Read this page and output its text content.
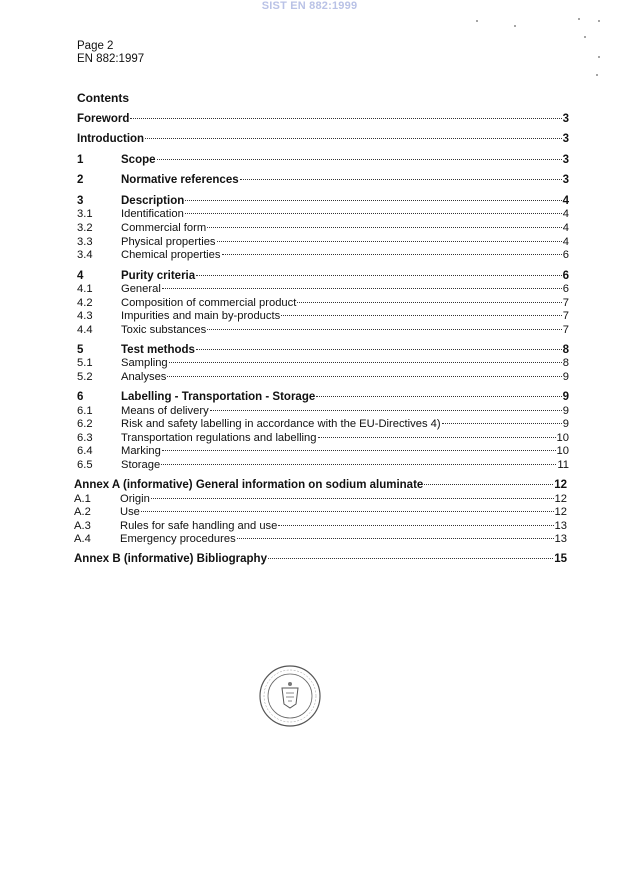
SIST EN 882:1999
Page 2
EN 882:1997
Contents
Foreword	3
Introduction	3
1	Scope	3
2	Normative references	3
3	Description	4
3.1	Identification	4
3.2	Commercial form	4
3.3	Physical properties	4
3.4	Chemical properties	6
4	Purity criteria	6
4.1	General	6
4.2	Composition of commercial product	7
4.3	Impurities and main by-products	7
4.4	Toxic substances	7
5	Test methods	8
5.1	Sampling	8
5.2	Analyses	9
6	Labelling - Transportation - Storage	9
6.1	Means of delivery	9
6.2	Risk and safety labelling in accordance with the EU-Directives 4)	9
6.3	Transportation regulations and labelling	10
6.4	Marking	10
6.5	Storage	11
Annex A (informative) General information on sodium aluminate	12
A.1	Origin	12
A.2	Use	12
A.3	Rules for safe handling and use	13
A.4	Emergency procedures	13
Annex B (informative) Bibliography	15
